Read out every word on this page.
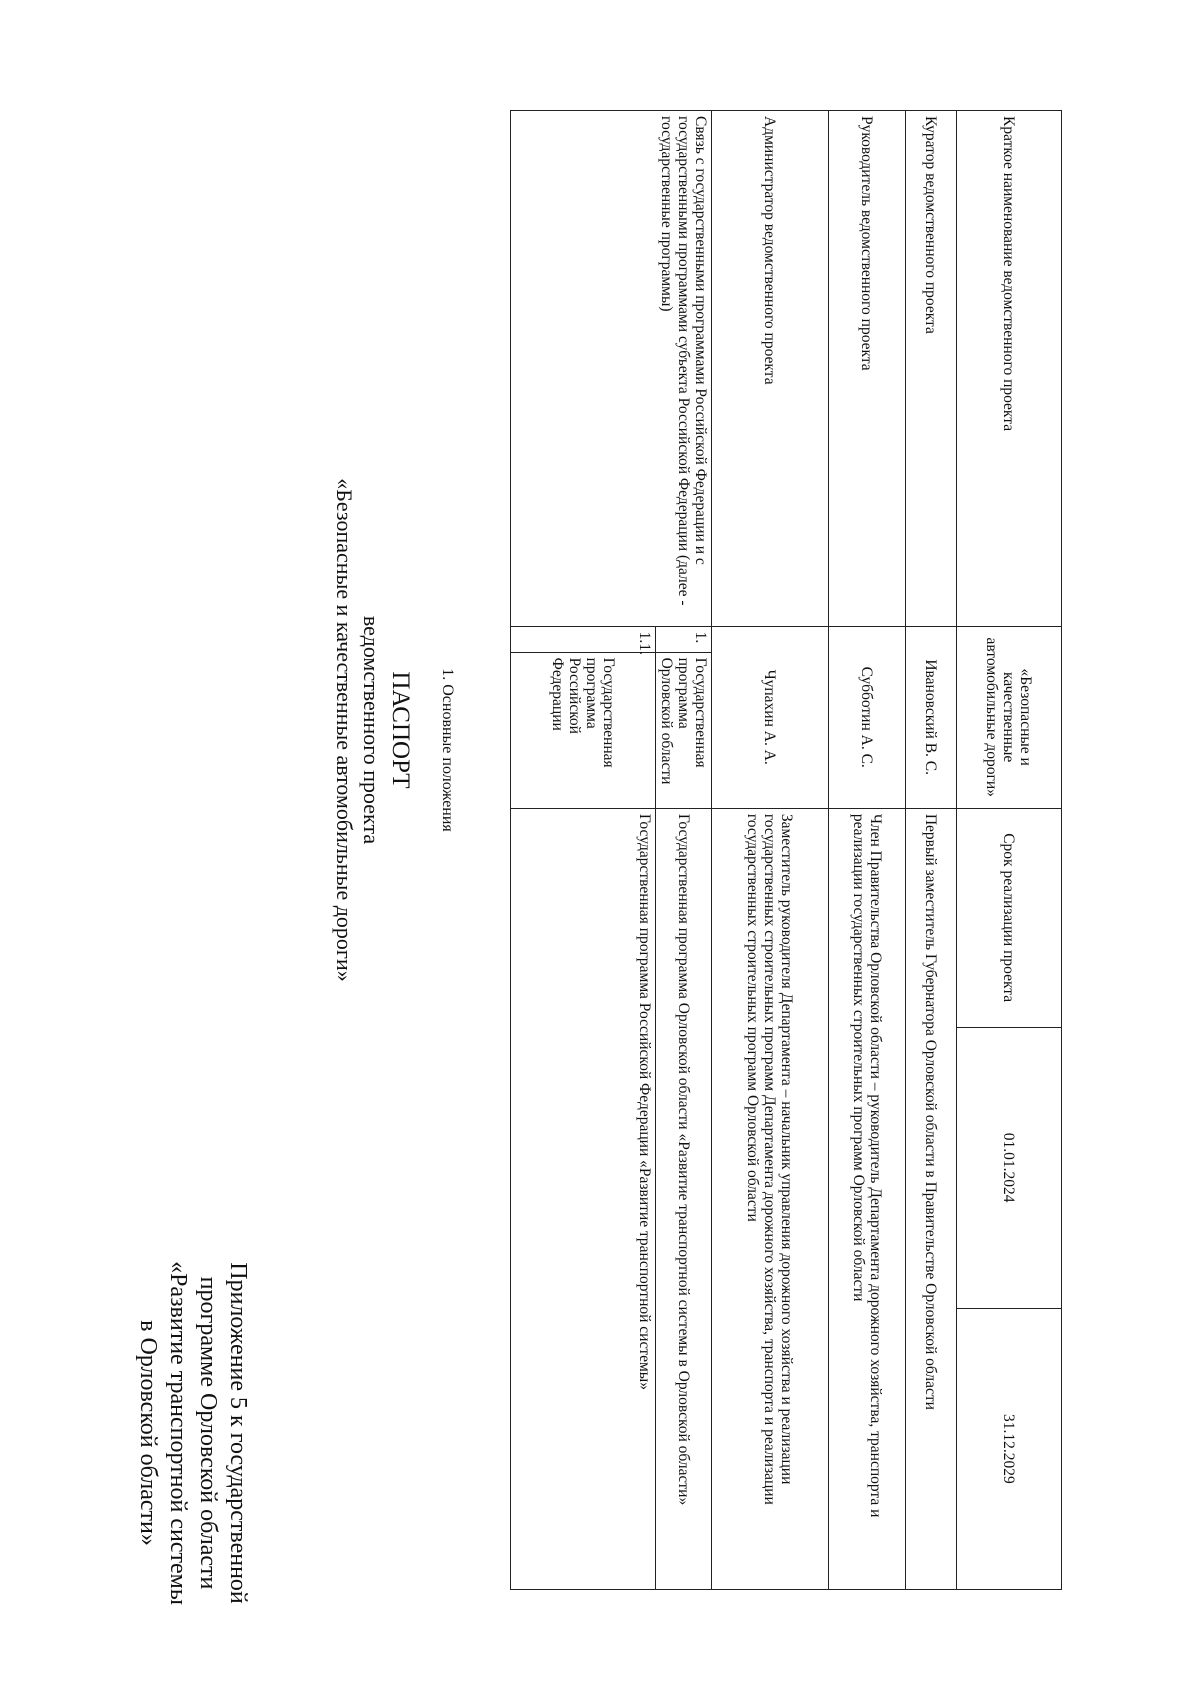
Приложение 5 к государственной
программе Орловской области
«Развитие транспортной системы
в Орловской области»
ПАСПОРТ
ведомственного проекта
«Безопасные и качественные автомобильные дороги»	1. Основные положения
Краткое наименование ведомственного проекта	«Безопасные и качественные автомобильные дороги»		Срок реализации проекта	01.01.2024	31.12.2029
Куратор ведомственного проекта	Ивановский В. С.		Первый заместитель Губернатора Орловской области в Правительстве Орловской области		
Руководитель ведомственного проекта	Субботин А. С.		Член Правительства Орловской области – руководитель Департамента дорожного хозяйства, транспорта и реализации государственных строительных программ Орловской области		
Администратор ведомственного проекта	Чупахин А. А.		Заместитель руководителя Департамента – начальник управления дорожного хозяйства и реализации государственных строительных программ Департамента дорожного хозяйства, транспорта и реализации государственных строительных программ Орловской области		
Связь с государственными программами Российской Федерации и с государственными программами субъекта Российской Федерации (далее - государственные программы)	1.	Государственная программа Орловской области	Государственная программа Орловской области «Развитие транспортной системы в Орловской области»		
	1.1.	Государственная программа Российской Федерации	Государственная программа Российской Федерации «Развитие транспортной системы»		
